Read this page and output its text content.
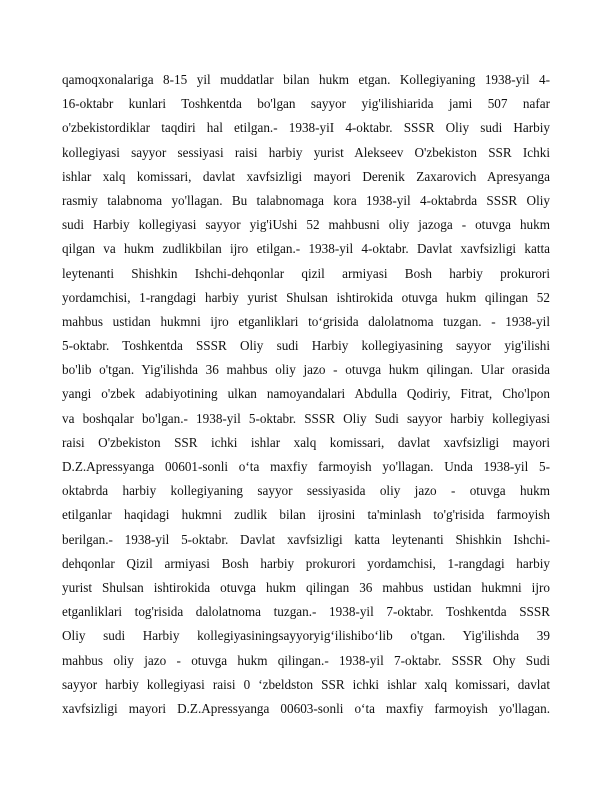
qamoqxonalariga 8-15 yil muddatlar bilan hukm etgan. Kollegiyaning 1938-yil 4-
16-oktabr kunlari Toshkentda bo'lgan sayyor yig'ilishiarida jami 507 nafar
o'zbekistordiklar taqdiri hal etilgan.- 1938-yiI 4-oktabr. SSSR Oliy sudi Harbiy
kollegiyasi sayyor sessiyasi raisi harbiy yurist Alekseev O'zbekiston SSR Ichki
ishlar xalq komissari, davlat xavfsizligi mayori Derenik Zaxarovich Apresyanga
rasmiy talabnoma yo'llagan. Bu talabnomaga kora 1938-yil 4-oktabrda SSSR Oliy
sudi Harbiy kollegiyasi sayyor yig'iUshi 52 mahbusni oliy jazoga - otuvga hukm
qilgan va hukm zudlikbilan ijro etilgan.- 1938-yil 4-oktabr. Davlat xavfsizligi katta
leytenanti Shishkin Ishchi-dehqonlar qizil armiyasi Bosh harbiy prokurori
yordamchisi, 1-rangdagi harbiy yurist Shulsan ishtirokida otuvga hukm qilingan 52
mahbus ustidan hukmni ijro etganliklari to‘grisida dalolatnoma tuzgan. - 1938-yil
5-oktabr. Toshkentda SSSR Oliy sudi Harbiy kollegiyasining sayyor yig'ilishi
bo'lib o'tgan. Yig'ilishda 36 mahbus oliy jazo - otuvga hukm qilingan. Ular orasida
yangi o'zbek adabiyotining ulkan namoyandalari Abdulla Qodiriy, Fitrat, Cho'lpon
va boshqalar bo'lgan.- 1938-yil 5-oktabr. SSSR Oliy Sudi sayyor harbiy kollegiyasi
raisi O'zbekiston SSR ichki ishlar xalq komissari, davlat xavfsizligi mayori
D.Z.Apressyanga 00601-sonli o‘ta maxfiy farmoyish yo'llagan. Unda 1938-yil 5-
oktabrda harbiy kollegiyaning sayyor sessiyasida oliy jazo - otuvga hukm
etilganlar haqidagi hukmni zudlik bilan ijrosini ta'minlash to'g'risida farmoyish
berilgan.- 1938-yil 5-oktabr. Davlat xavfsizligi katta leytenanti Shishkin Ishchi-
dehqonlar Qizil armiyasi Bosh harbiy prokurori yordamchisi, 1-rangdagi harbiy
yurist Shulsan ishtirokida otuvga hukm qilingan 36 mahbus ustidan hukmni ijro
etganliklari tog'risida dalolatnoma tuzgan.- 1938-yil 7-oktabr. Toshkentda SSSR
Oliy sudi Harbiy kollegiyasiningsayyoryig‘ilishibo‘lib o'tgan. Yig'ilishda 39
mahbus oliy jazo - otuvga hukm qilingan.- 1938-yil 7-oktabr. SSSR Ohy Sudi
sayyor harbiy kollegiyasi raisi 0 ‘zbeldston SSR ichki ishlar xalq komissari, davlat
xavfsizligi mayori D.Z.Apressyanga 00603-sonli o‘ta maxfiy farmoyish yo'llagan.
